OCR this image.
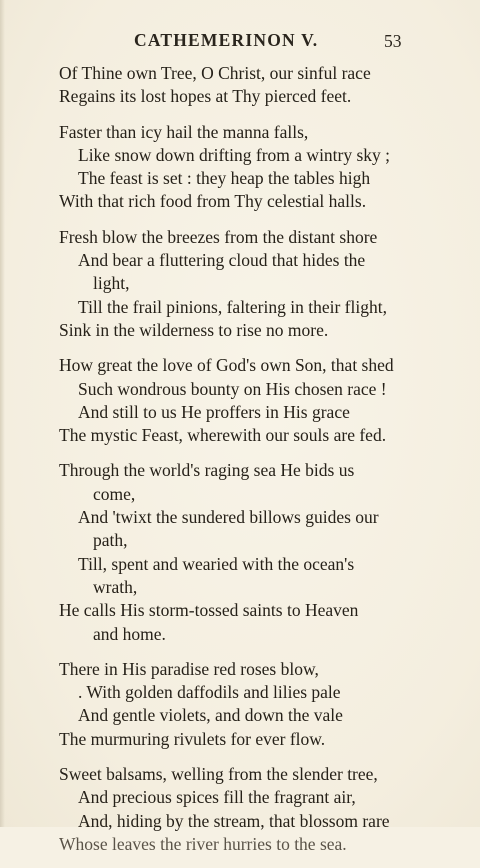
CATHEMERINON V.	53
Of Thine own Tree, O Christ, our sinful race
Regains its lost hopes at Thy pierced feet.
Faster than icy hail the manna falls,
Like snow down drifting from a wintry sky ;
The feast is set : they heap the tables high
With that rich food from Thy celestial halls.
Fresh blow the breezes from the distant shore
And bear a fluttering cloud that hides the
light,
Till the frail pinions, faltering in their flight,
Sink in the wilderness to rise no more.
How great the love of God's own Son, that shed
Such wondrous bounty on His chosen race !
And still to us He proffers in His grace
The mystic Feast, wherewith our souls are fed.
Through the world's raging sea He bids us
come,
And 'twixt the sundered billows guides our
path,
Till, spent and wearied with the ocean's
wrath,
He calls His storm-tossed saints to Heaven
and home.
There in His paradise red roses blow,
. With golden daffodils and lilies pale
And gentle violets, and down the vale
The murmuring rivulets for ever flow.
Sweet balsams, welling from the slender tree,
And precious spices fill the fragrant air,
And, hiding by the stream, that blossom rare
Whose leaves the river hurries to the sea.
